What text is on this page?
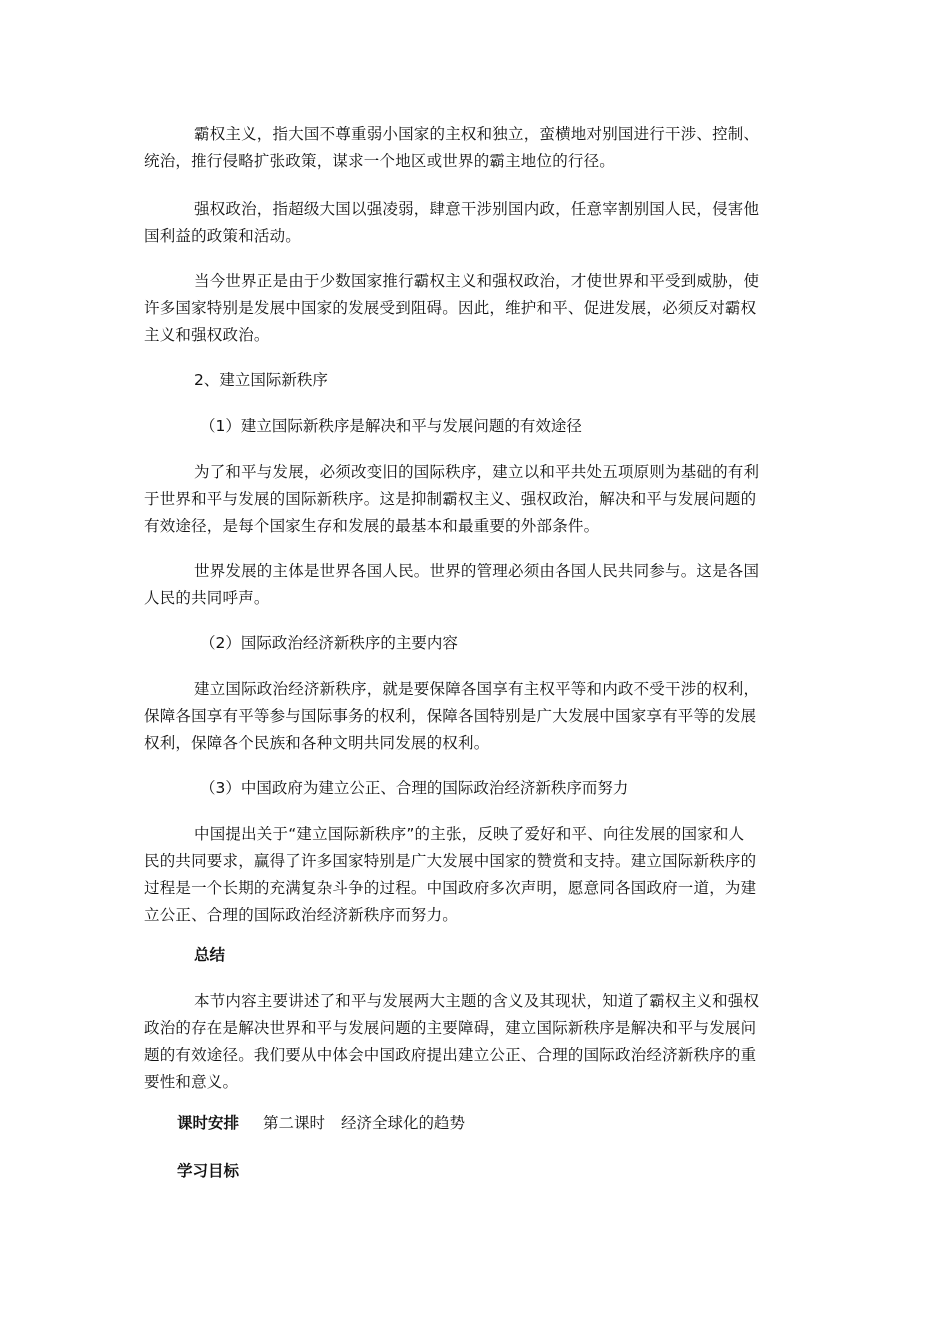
霸权主义，指大国不尊重弱小国家的主权和独立，蛮横地对别国进行干涉、控制、
统治，推行侵略扩张政策，谋求一个地区或世界的霸主地位的行径。
强权政治，指超级大国以强凌弱，肆意干涉别国内政，任意宰割别国人民，侵害他
国利益的政策和活动。
当今世界正是由于少数国家推行霸权主义和强权政治，才使世界和平受到威胁，使
许多国家特别是发展中国家的发展受到阻碍。因此，维护和平、促进发展，必须反对霸权
主义和强权政治。
2、建立国际新秩序
（1）建立国际新秩序是解决和平与发展问题的有效途径
为了和平与发展，必须改变旧的国际秩序，建立以和平共处五项原则为基础的有利
于世界和平与发展的国际新秩序。这是抑制霸权主义、强权政治，解决和平与发展问题的
有效途径，是每个国家生存和发展的最基本和最重要的外部条件。
世界发展的主体是世界各国人民。世界的管理必须由各国人民共同参与。这是各国
人民的共同呼声。
（2）国际政治经济新秩序的主要内容
建立国际政治经济新秩序，就是要保障各国享有主权平等和内政不受干涉的权利，
保障各国享有平等参与国际事务的权利，保障各国特别是广大发展中国家享有平等的发展
权利，保障各个民族和各种文明共同发展的权利。
（3）中国政府为建立公正、合理的国际政治经济新秩序而努力
中国提出关于“建立国际新秩序”的主张，反映了爱好和平、向往发展的国家和人
民的共同要求，赢得了许多国家特别是广大发展中国家的赞赏和支持。建立国际新秩序的
过程是一个长期的充满复杂斗争的过程。中国政府多次声明，愿意同各国政府一道，为建
立公正、合理的国际政治经济新秩序而努力。
总结
本节内容主要讲述了和平与发展两大主题的含义及其现状，知道了霸权主义和强权
政治的存在是解决世界和平与发展问题的主要障碍，建立国际新秩序是解决和平与发展问
题的有效途径。我们要从中体会中国政府提出建立公正、合理的国际政治经济新秩序的重
要性和意义。
课时安排 第二课时 经济全球化的趋势
学习目标
